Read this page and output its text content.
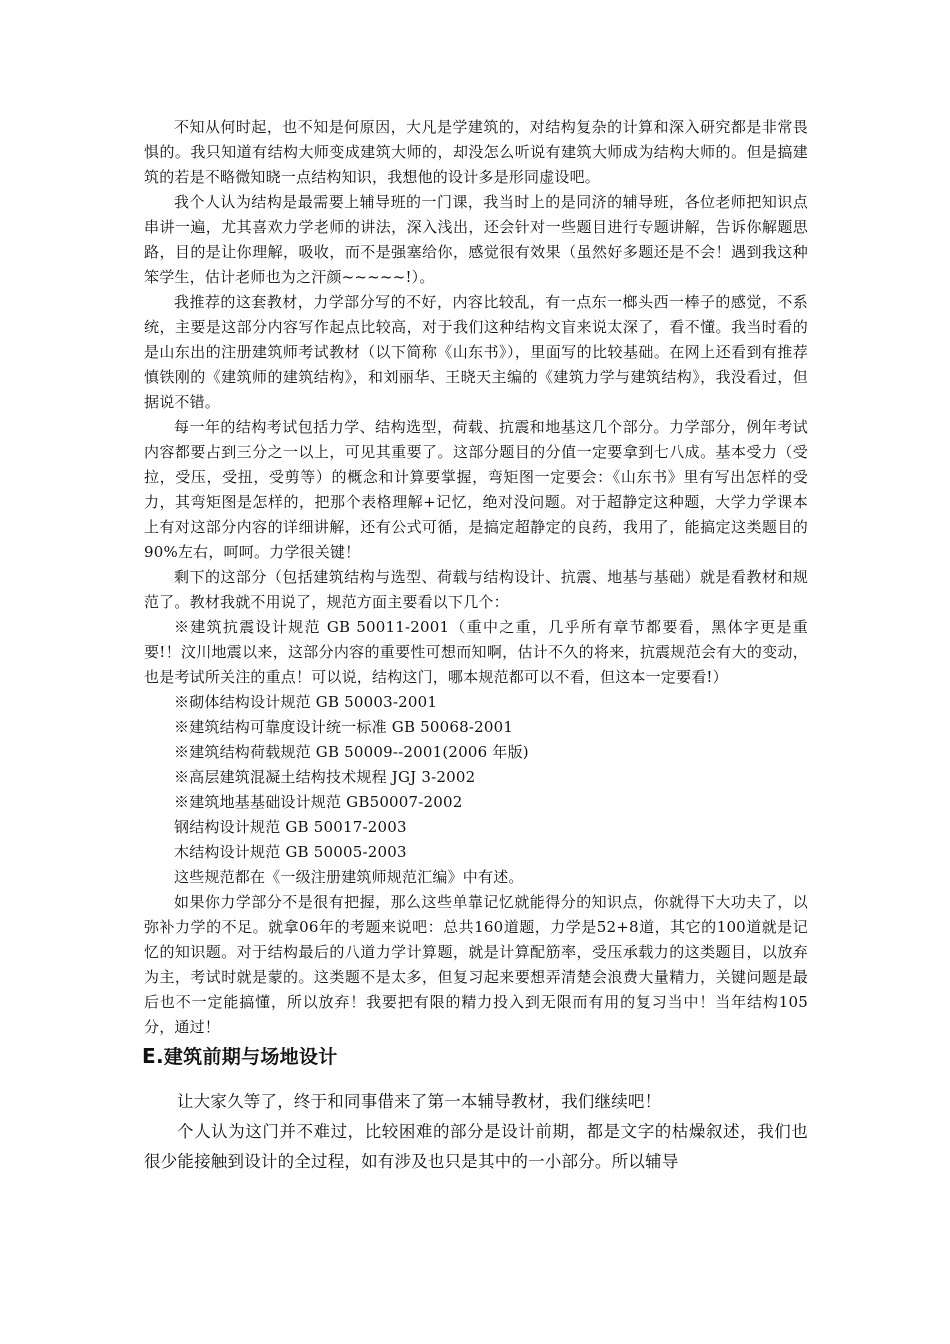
不知从何时起，也不知是何原因，大凡是学建筑的，对结构复杂的计算和深入研究都是非常畏惧的。我只知道有结构大师变成建筑大师的，却没怎么听说有建筑大师成为结构大师的。但是搞建筑的若是不略微知晓一点结构知识，我想他的设计多是形同虚设吧。

我个人认为结构是最需要上辅导班的一门课，我当时上的是同济的辅导班，各位老师把知识点串讲一遍，尤其喜欢力学老师的讲法，深入浅出，还会针对一些题目进行专题讲解，告诉你解题思路，目的是让你理解，吸收，而不是强塞给你，感觉很有效果（虽然好多题还是不会！遇到我这种笨学生，估计老师也为之汗颜~~~~~!）。

我推荐的这套教材，力学部分写的不好，内容比较乱，有一点东一榔头西一棒子的感觉，不系统，主要是这部分内容写作起点比较高，对于我们这种结构文盲来说太深了，看不懂。我当时看的是山东出的注册建筑师考试教材（以下简称《山东书》），里面写的比较基础。在网上还看到有推荐慎铁刚的《建筑师的建筑结构》，和刘丽华、王晓天主编的《建筑力学与建筑结构》，我没看过，但据说不错。

每一年的结构考试包括力学、结构选型，荷载、抗震和地基这几个部分。力学部分，例年考试内容都要占到三分之一以上，可见其重要了。这部分题目的分值一定要拿到七八成。基本受力（受拉，受压，受扭，受剪等）的概念和计算要掌握，弯矩图一定要会：《山东书》里有写出怎样的受力，其弯矩图是怎样的，把那个表格理解+记忆，绝对没问题。对于超静定这种题，大学力学课本上有对这部分内容的详细讲解，还有公式可循，是搞定超静定的良药，我用了，能搞定这类题目的90%左右，呵呵。力学很关键！

剩下的这部分（包括建筑结构与选型、荷载与结构设计、抗震、地基与基础）就是看教材和规范了。教材我就不用说了，规范方面主要看以下几个：

※建筑抗震设计规范 GB 50011-2001（重中之重，几乎所有章节都要看，黑体字更是重要!！汶川地震以来，这部分内容的重要性可想而知啊，估计不久的将来，抗震规范会有大的变动，也是考试所关注的重点！可以说，结构这门，哪本规范都可以不看，但这本一定要看!）

※砌体结构设计规范 GB 50003-2001

※建筑结构可靠度设计统一标准 GB 50068-2001

※建筑结构荷载规范 GB 50009--2001(2006 年版)

※高层建筑混凝土结构技术规程 JGJ 3-2002

※建筑地基基础设计规范 GB50007-2002

钢结构设计规范 GB 50017-2003

木结构设计规范 GB 50005-2003

这些规范都在《一级注册建筑师规范汇编》中有述。

如果你力学部分不是很有把握，那么这些单靠记忆就能得分的知识点，你就得下大功夫了，以弥补力学的不足。就拿06年的考题来说吧：总共160道题，力学是52+8道，其它的100道就是记忆的知识题。对于结构最后的八道力学计算题，就是计算配筋率，受压承载力的这类题目，以放弃为主，考试时就是蒙的。这类题不是太多，但复习起来要想弄清楚会浪费大量精力，关键问题是最后也不一定能搞懂，所以放弃！我要把有限的精力投入到无限而有用的复习当中！当年结构105分，通过！

E.建筑前期与场地设计

让大家久等了，终于和同事借来了第一本辅导教材，我们继续吧！

个人认为这门并不难过，比较困难的部分是设计前期，都是文字的枯燥叙述，我们也很少能接触到设计的全过程，如有涉及也只是其中的一小部分。所以辅导
